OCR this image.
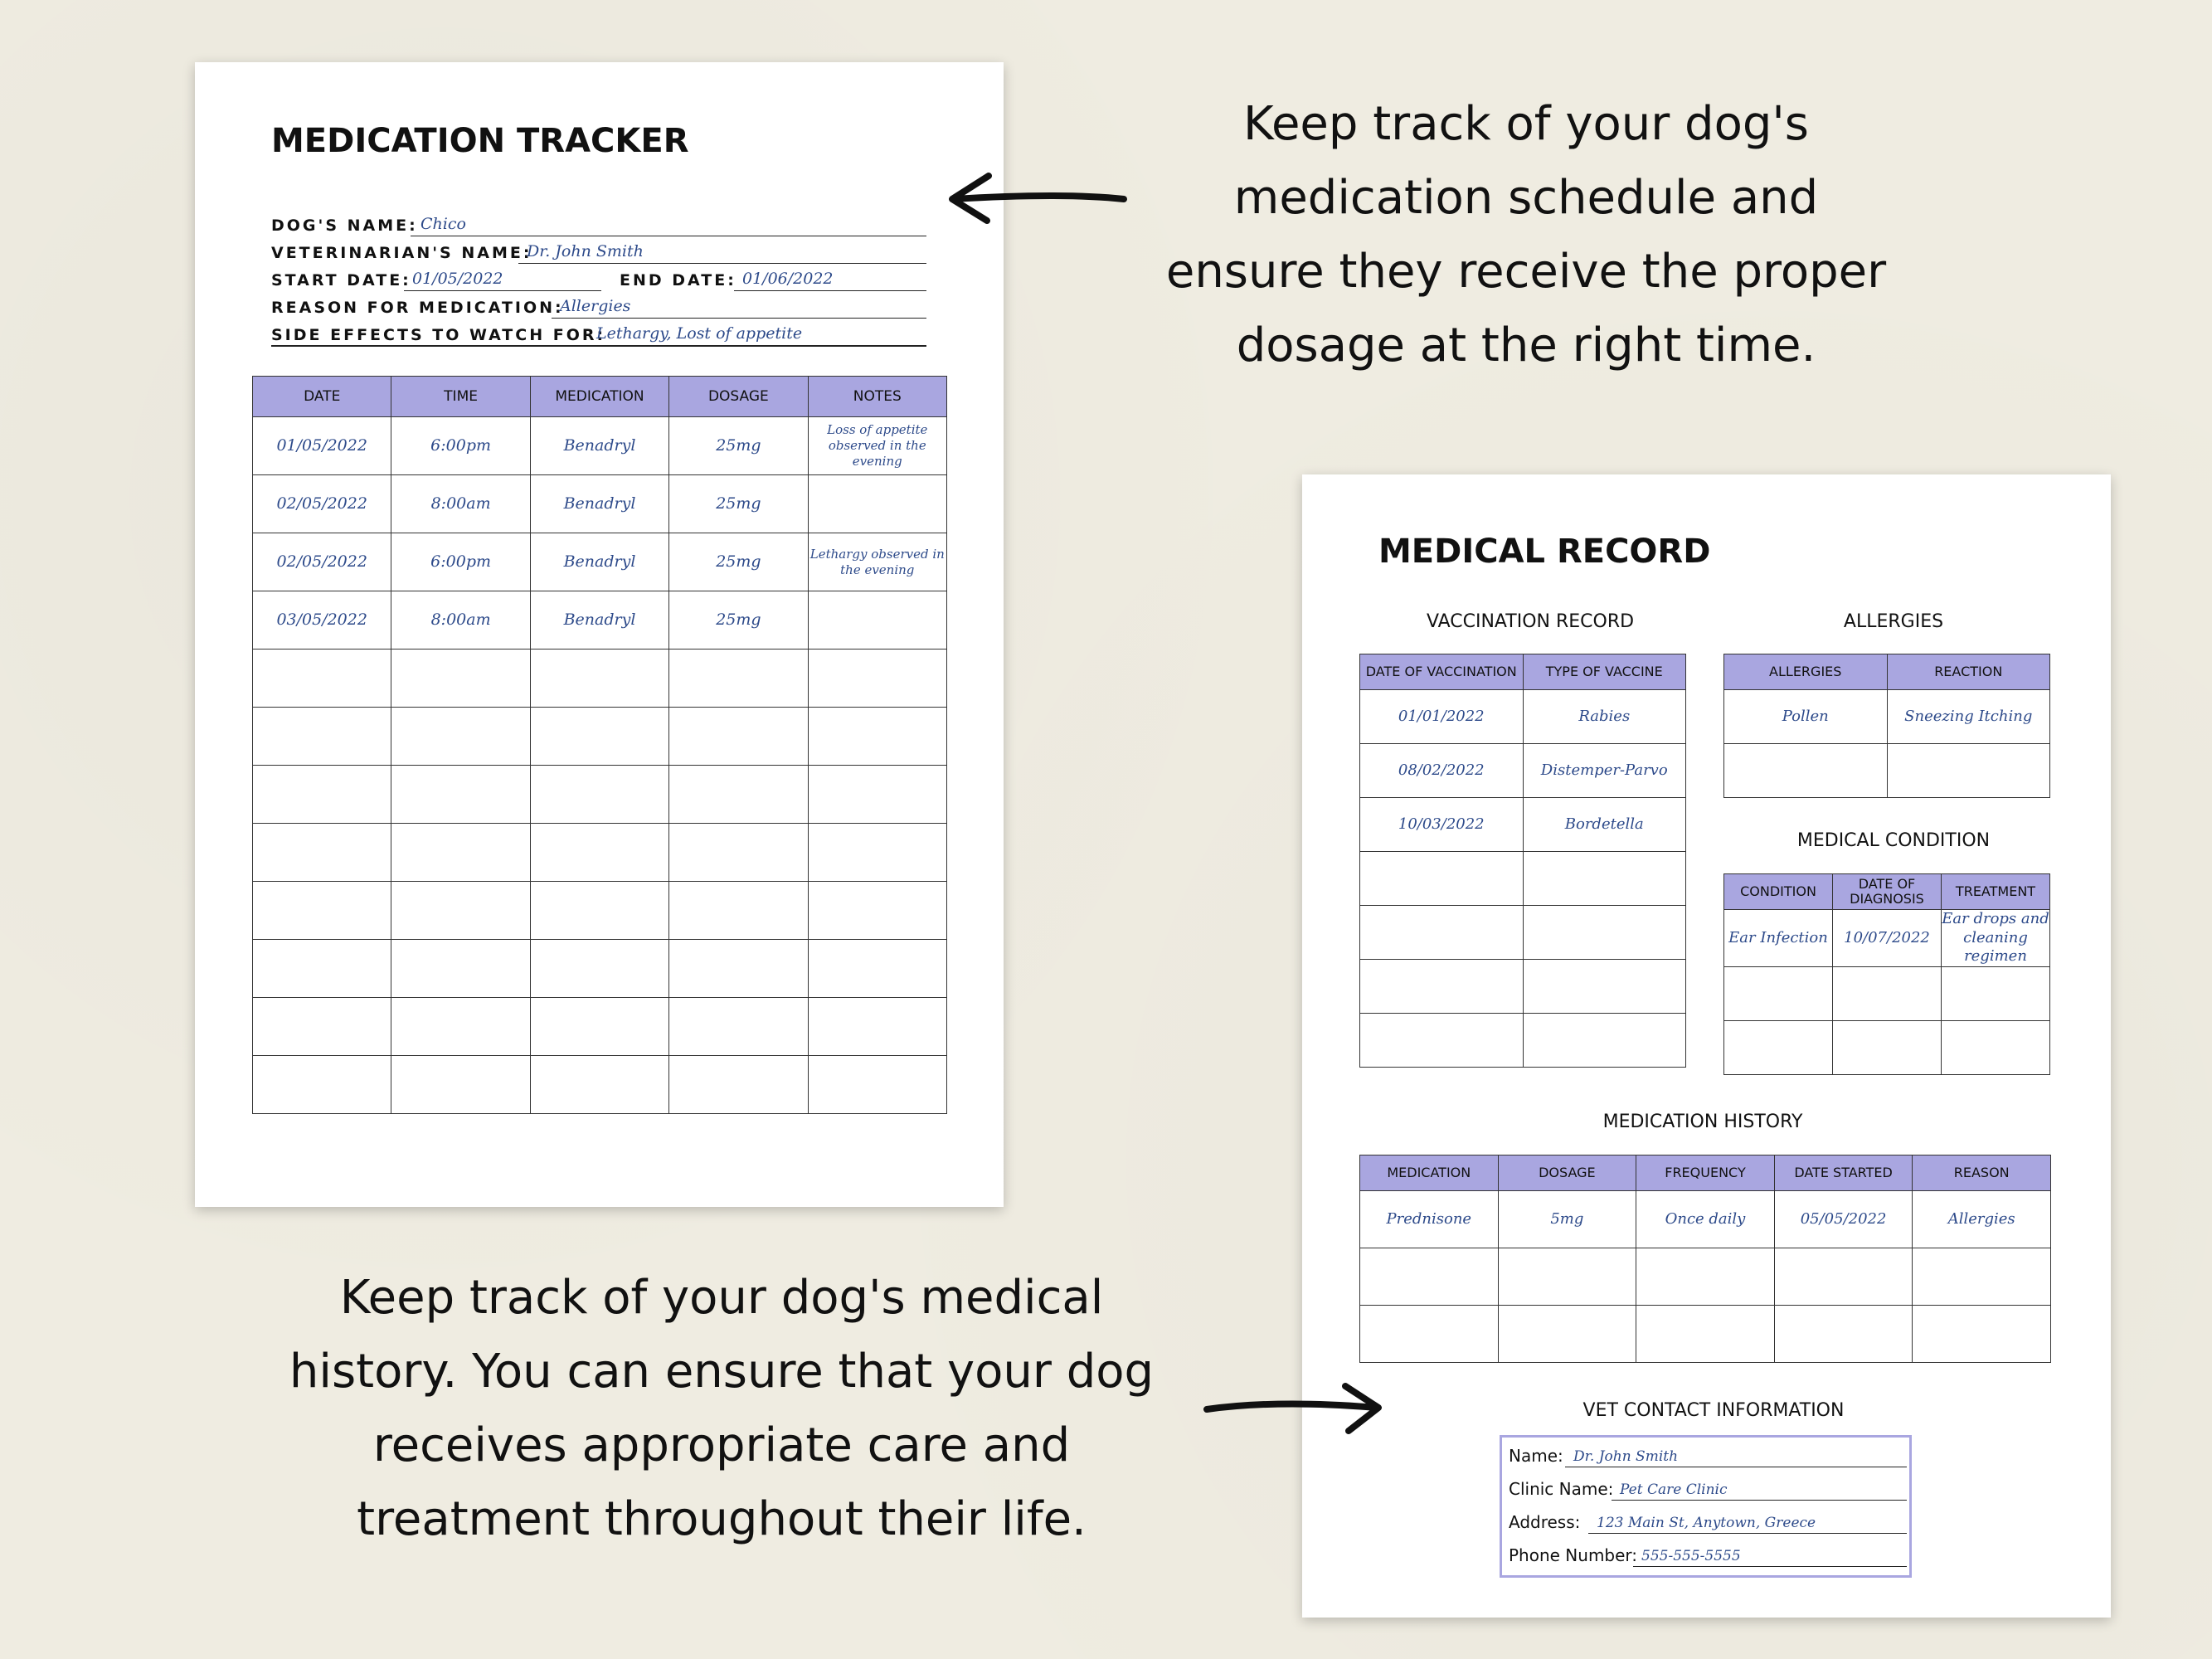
MEDICATION TRACKER
DOG'S NAME: Chico
VETERINARIAN'S NAME:
Dr. John Smith
START DATE: 01/05/2022	END DATE: 01/06/2022
REASON FOR MEDICATION:
Allergies
SIDE EFFECTS TO WATCH FOR:
Lethargy, Lost of appetite
DATE	TIME	MEDICATION	DOSAGE	NOTES
01/05/2022	6:00pm	Benadryl	25mg	Loss of appetite observed in the evening
02/05/2022	8:00am	Benadryl	25mg	
02/05/2022	6:00pm	Benadryl	25mg	Lethargy observed in the evening
03/05/2022	8:00am	Benadryl	25mg	

MEDICAL RECORD
VACCINATION RECORD	ALLERGIES
DATE OF VACCINATION	TYPE OF VACCINE
01/01/2022	Rabies
08/02/2022	Distemper-Parvo
10/03/2022	Bordetella

ALLERGIES	REACTION
Pollen	Sneezing Itching

MEDICAL CONDITION
CONDITION	DATE OF DIAGNOSIS	TREATMENT
Ear Infection	10/07/2022	Ear drops and cleaning regimen

MEDICATION HISTORY
MEDICATION	DOSAGE	FREQUENCY	DATE STARTED	REASON
Prednisone	5mg	Once daily	05/05/2022	Allergies

VET CONTACT INFORMATION
Name: Dr. John Smith
Clinic Name: Pet Care Clinic
Address: 123 Main St, Anytown, Greece
Phone Number: 555-555-5555
Keep track of your dog's
medication schedule and
ensure they receive the proper
dosage at the right time.
Keep track of your dog's medical
history. You can ensure that your dog
receives appropriate care and
treatment throughout their life.
